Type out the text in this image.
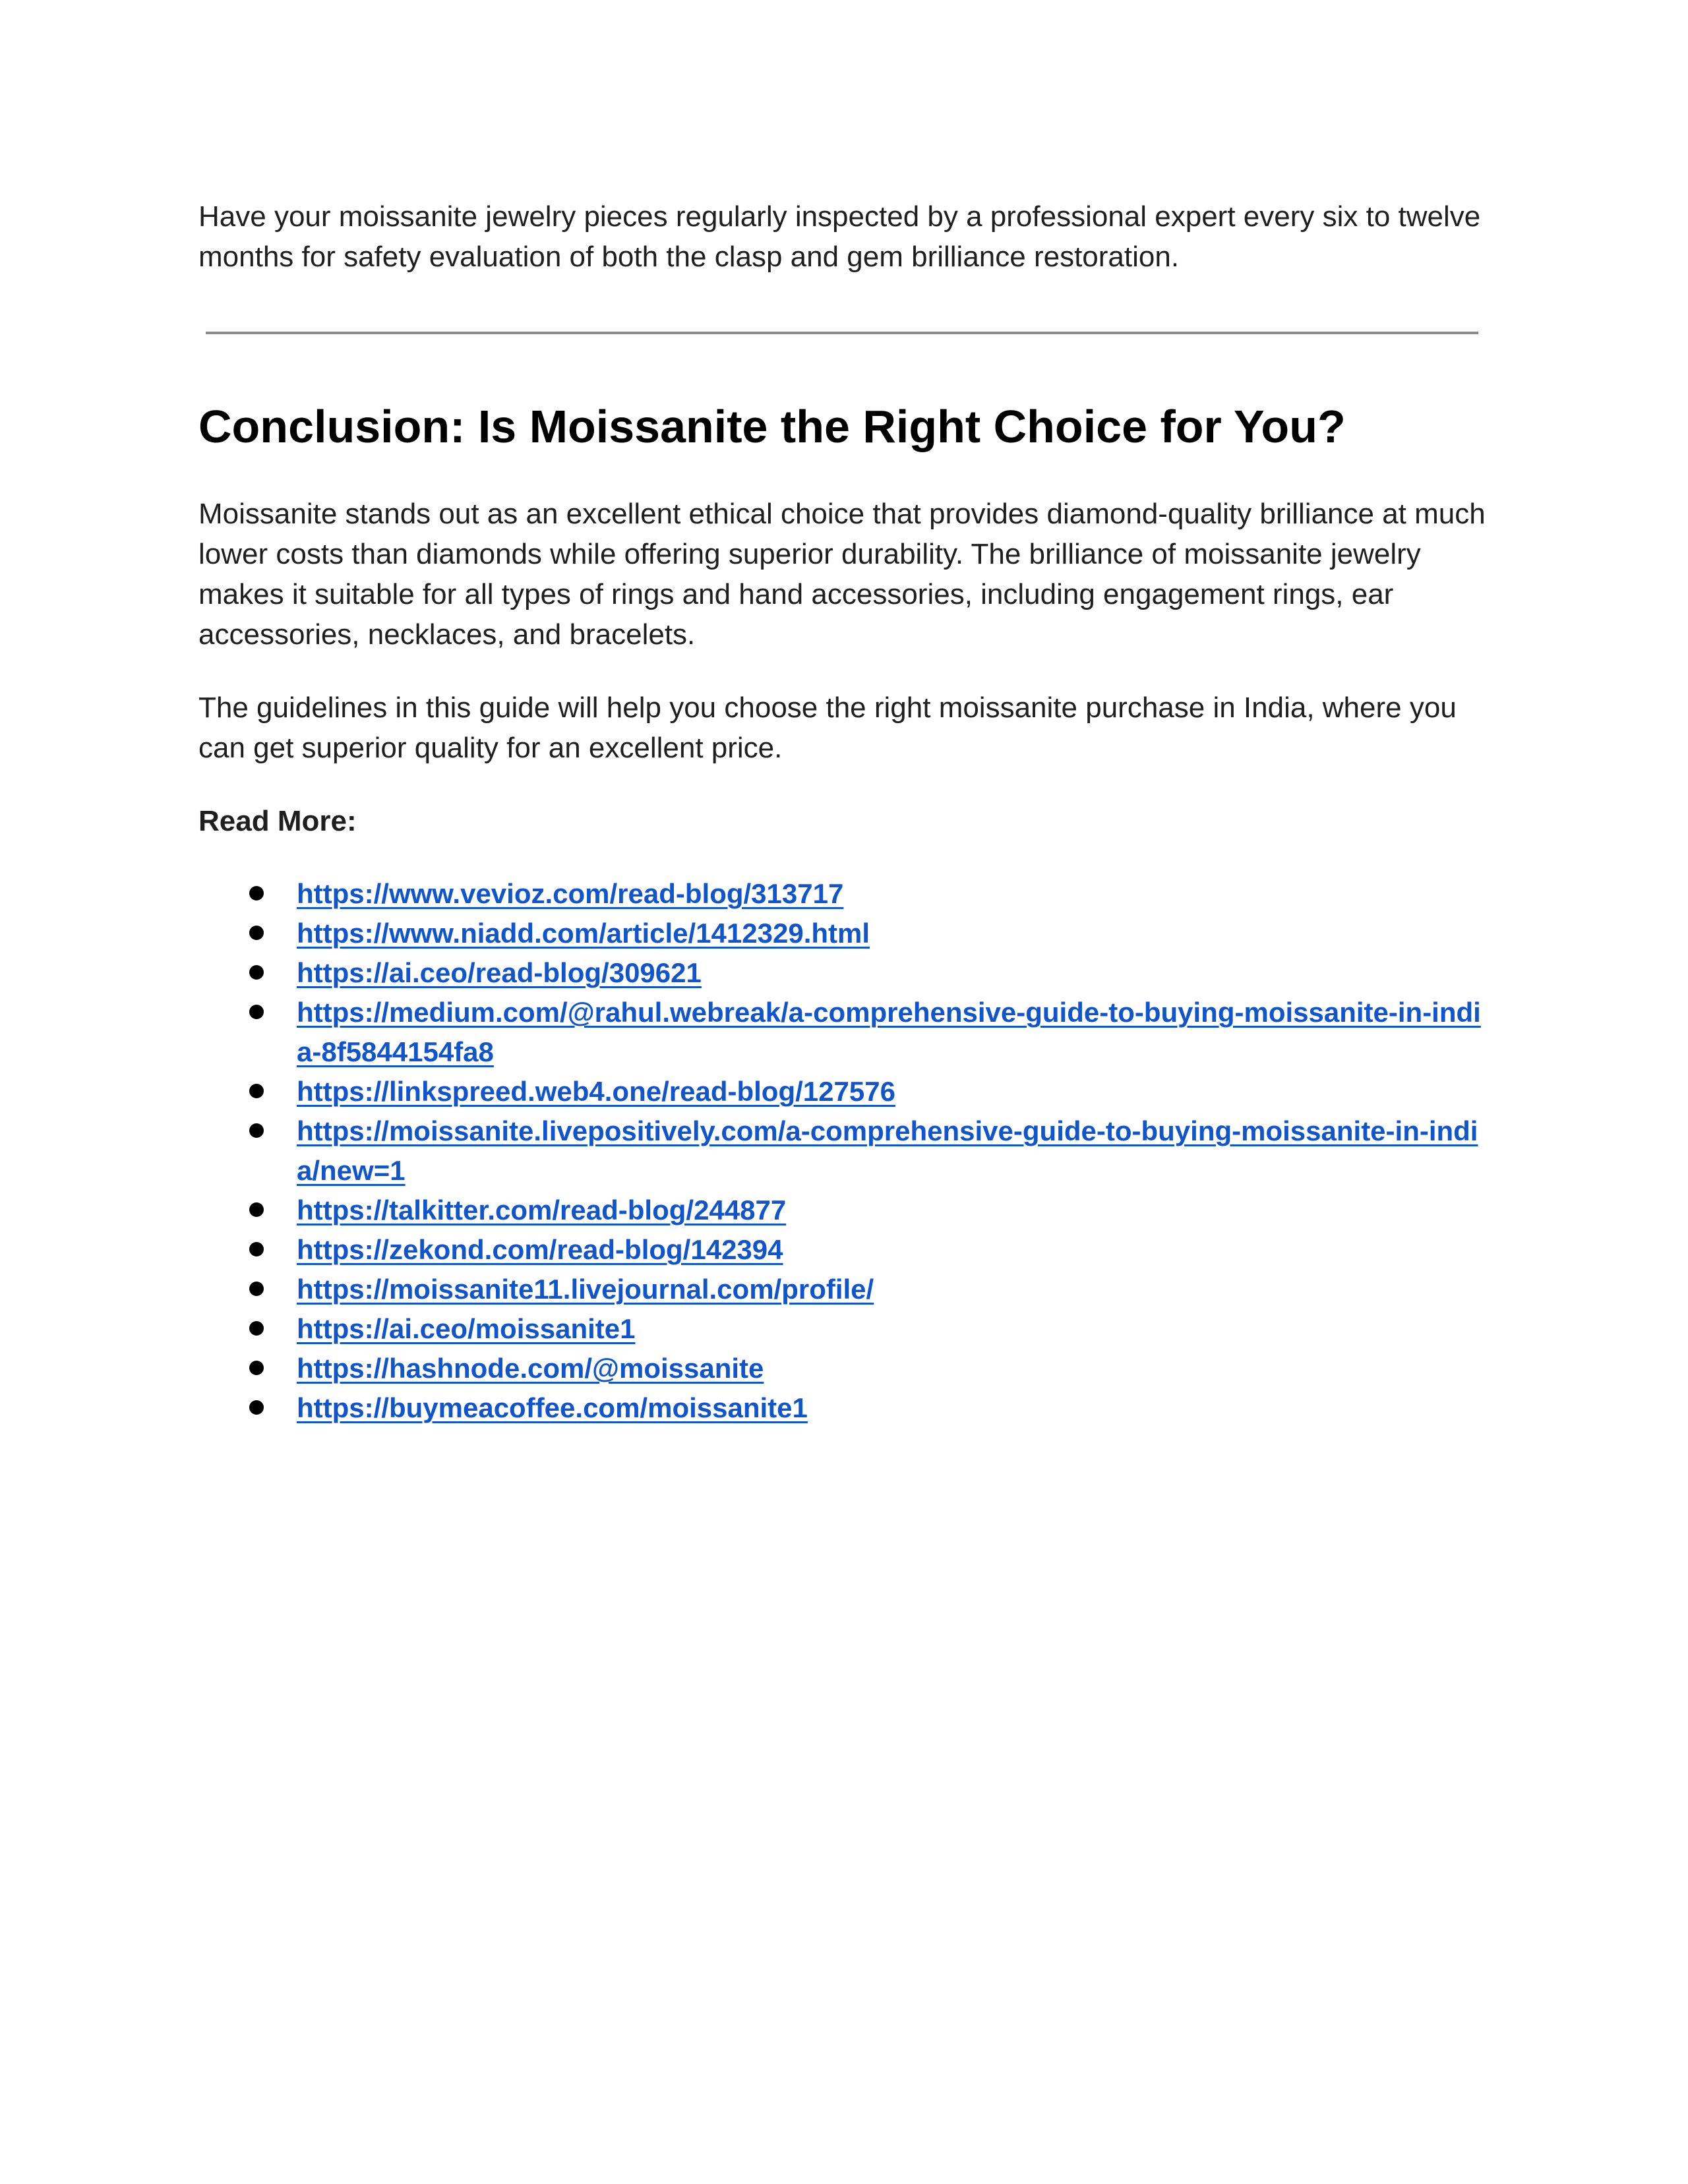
Have your moissanite jewelry pieces regularly inspected by a professional expert every six to twelve months for safety evaluation of both the clasp and gem brilliance restoration.

Conclusion: Is Moissanite the Right Choice for You?

Moissanite stands out as an excellent ethical choice that provides diamond-quality brilliance at much lower costs than diamonds while offering superior durability. The brilliance of moissanite jewelry makes it suitable for all types of rings and hand accessories, including engagement rings, ear accessories, necklaces, and bracelets.

The guidelines in this guide will help you choose the right moissanite purchase in India, where you can get superior quality for an excellent price.

Read More:

https://www.vevioz.com/read-blog/313717
https://www.niadd.com/article/1412329.html
https://ai.ceo/read-blog/309621
https://medium.com/@rahul.webreak/a-comprehensive-guide-to-buying-moissanite-in-india-8f5844154fa8
https://linkspreed.web4.one/read-blog/127576
https://moissanite.livepositively.com/a-comprehensive-guide-to-buying-moissanite-in-india/new=1
https://talkitter.com/read-blog/244877
https://zekond.com/read-blog/142394
https://moissanite11.livejournal.com/profile/
https://ai.ceo/moissanite1
https://hashnode.com/@moissanite
https://buymeacoffee.com/moissanite1
